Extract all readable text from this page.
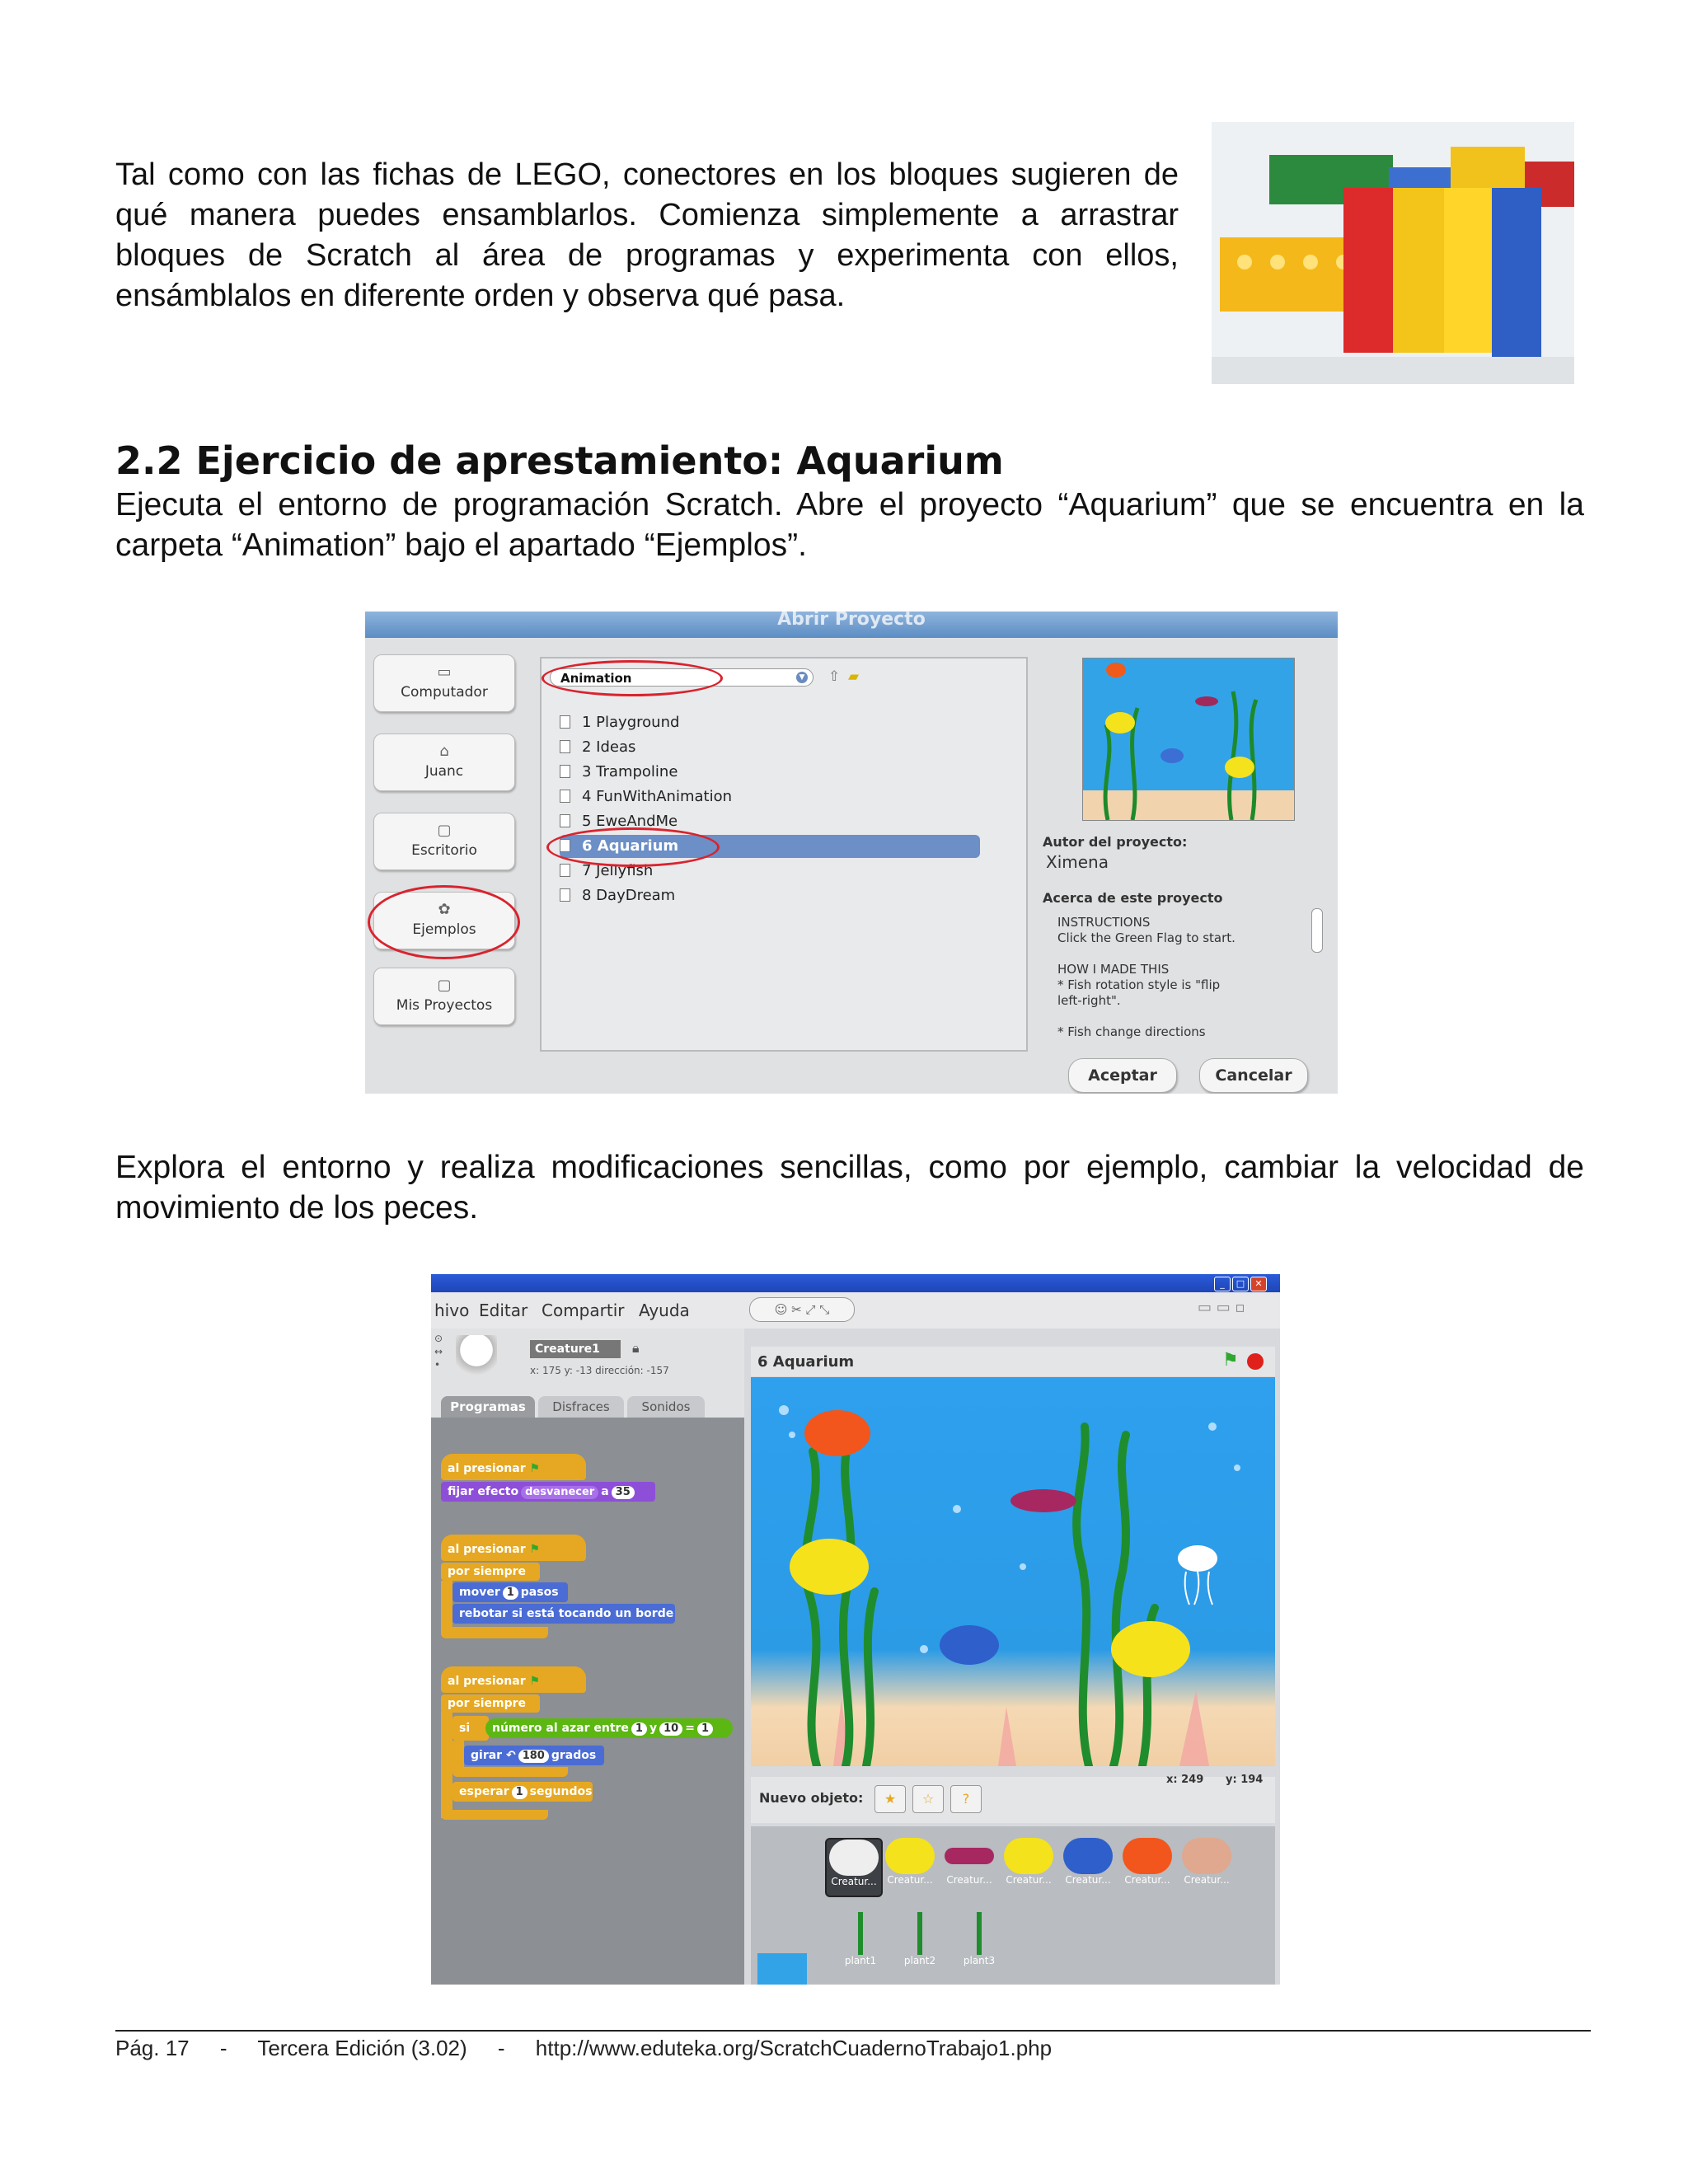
Tal como con las fichas de LEGO, conectores en los bloques sugieren de qué manera puedes ensamblarlos. Comienza simplemente a arrastrar bloques de Scratch al área de programas y experimenta con ellos, ensámblalos en diferente orden y observa qué pasa.

2.2 Ejercicio de aprestamiento: Aquarium

Ejecuta el entorno de programación Scratch. Abre el proyecto “Aquarium” que se encuentra en la carpeta “Animation” bajo el apartado “Ejemplos”.

Abrir Proyecto
▭
Computador
⌂
Juanc
▢
Escritorio
✿
Ejemplos
▢
Mis Proyectos
Animation	▼ ⇧ ▰
1 Playground
2 Ideas
3 Trampoline
4 FunWithAnimation
5 EweAndMe
6 Aquarium
7 Jellyfish
8 DayDream
Autor del proyecto:
Ximena
Acerca de este proyecto
INSTRUCTIONS
Click the Green Flag to start.
HOW I MADE THIS
* Fish rotation style is "flip
left-right".
* Fish change directions
Aceptar	Cancelar

Explora el entorno y realiza modificaciones sencillas, como por ejemplo, cambiar la velocidad de movimiento de los peces.

_	□	✕
hivo Editar Compartir Ayuda	☺ ✂ ⤢ ⤡	▭ ▭ ▫
⊙
↔
•
Creature1	🔒︎
x: 175 y: -13 dirección: -157
Programas	Disfraces	Sonidos
al presionar ⚑
fijar efecto desvanecer a 35
al presionar ⚑
por siempre
mover 1 pasos
rebotar si está tocando un borde
al presionar ⚑
por siempre
si	número al azar entre 1 y 10 = 1
girar ↶ 180 grados
esperar 1 segundos
6 Aquarium	⚑
Nuevo objeto:	★	☆	?
x: 249 y: 194
Creatur...	Creatur...	Creatur...	Creatur...	Creatur...	Creatur...	Creatur...
plant1	plant2	plant3
Pág. 17 - Tercera Edición (3.02) - http://www.eduteka.org/ScratchCuadernoTrabajo1.php
